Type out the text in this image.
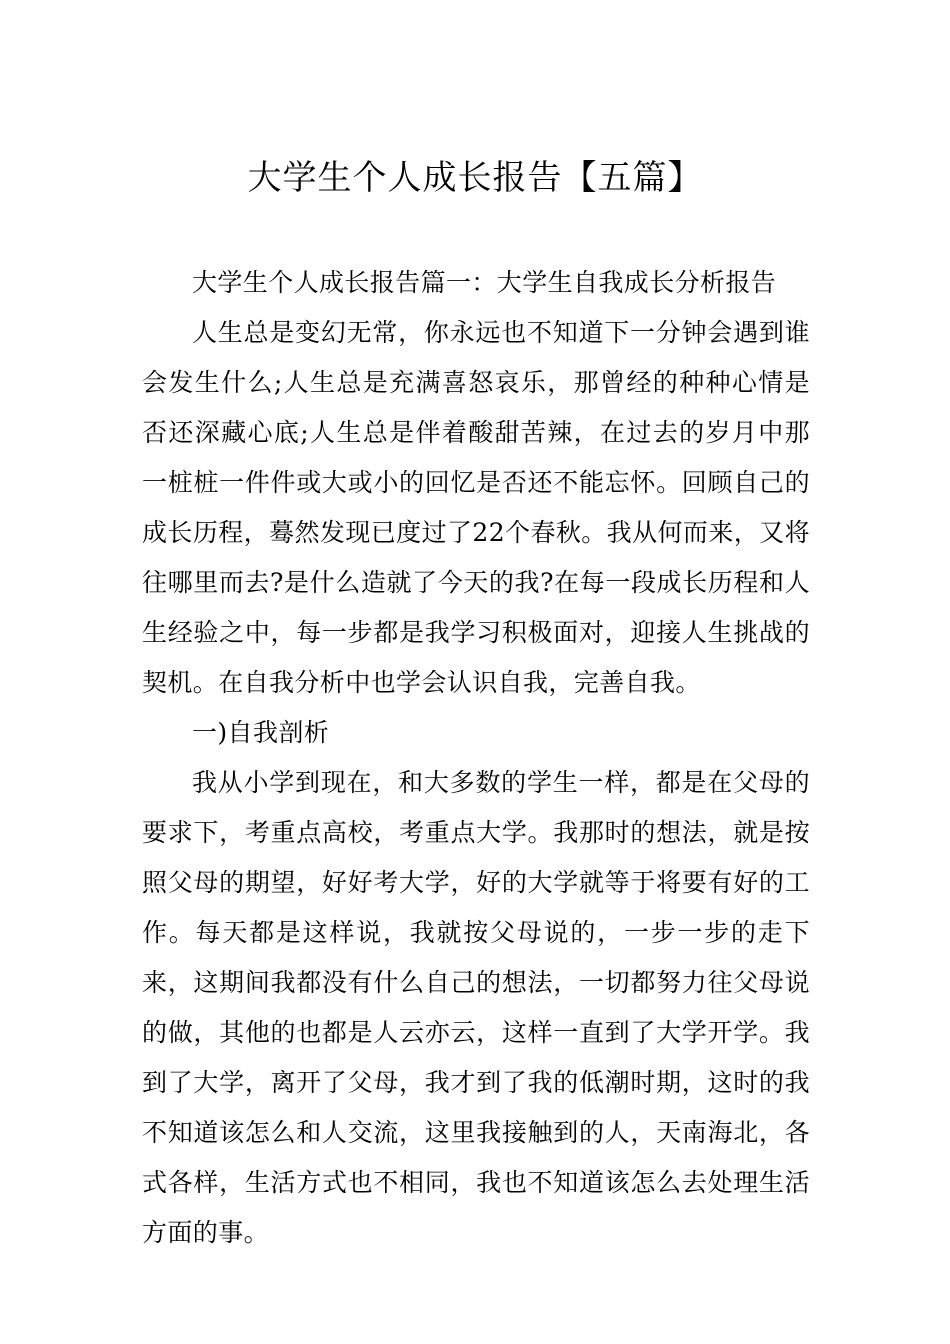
大学生个人成长报告【五篇】

大学生个人成长报告篇一：大学生自我成长分析报告

人生总是变幻无常，你永远也不知道下一分钟会遇到谁会发生什么;人生总是充满喜怒哀乐，那曾经的种种心情是否还深藏心底;人生总是伴着酸甜苦辣，在过去的岁月中那一桩桩一件件或大或小的回忆是否还不能忘怀。回顾自己的成长历程，蓦然发现已度过了22个春秋。我从何而来，又将往哪里而去?是什么造就了今天的我?在每一段成长历程和人生经验之中，每一步都是我学习积极面对，迎接人生挑战的契机。在自我分析中也学会认识自我，完善自我。

一)自我剖析

我从小学到现在，和大多数的学生一样，都是在父母的要求下，考重点高校，考重点大学。我那时的想法，就是按照父母的期望，好好考大学，好的大学就等于将要有好的工作。每天都是这样说，我就按父母说的，一步一步的走下来，这期间我都没有什么自己的想法，一切都努力往父母说的做，其他的也都是人云亦云，这样一直到了大学开学。我到了大学，离开了父母，我才到了我的低潮时期，这时的我不知道该怎么和人交流，这里我接触到的人，天南海北，各式各样，生活方式也不相同，我也不知道该怎么去处理生活方面的事。
